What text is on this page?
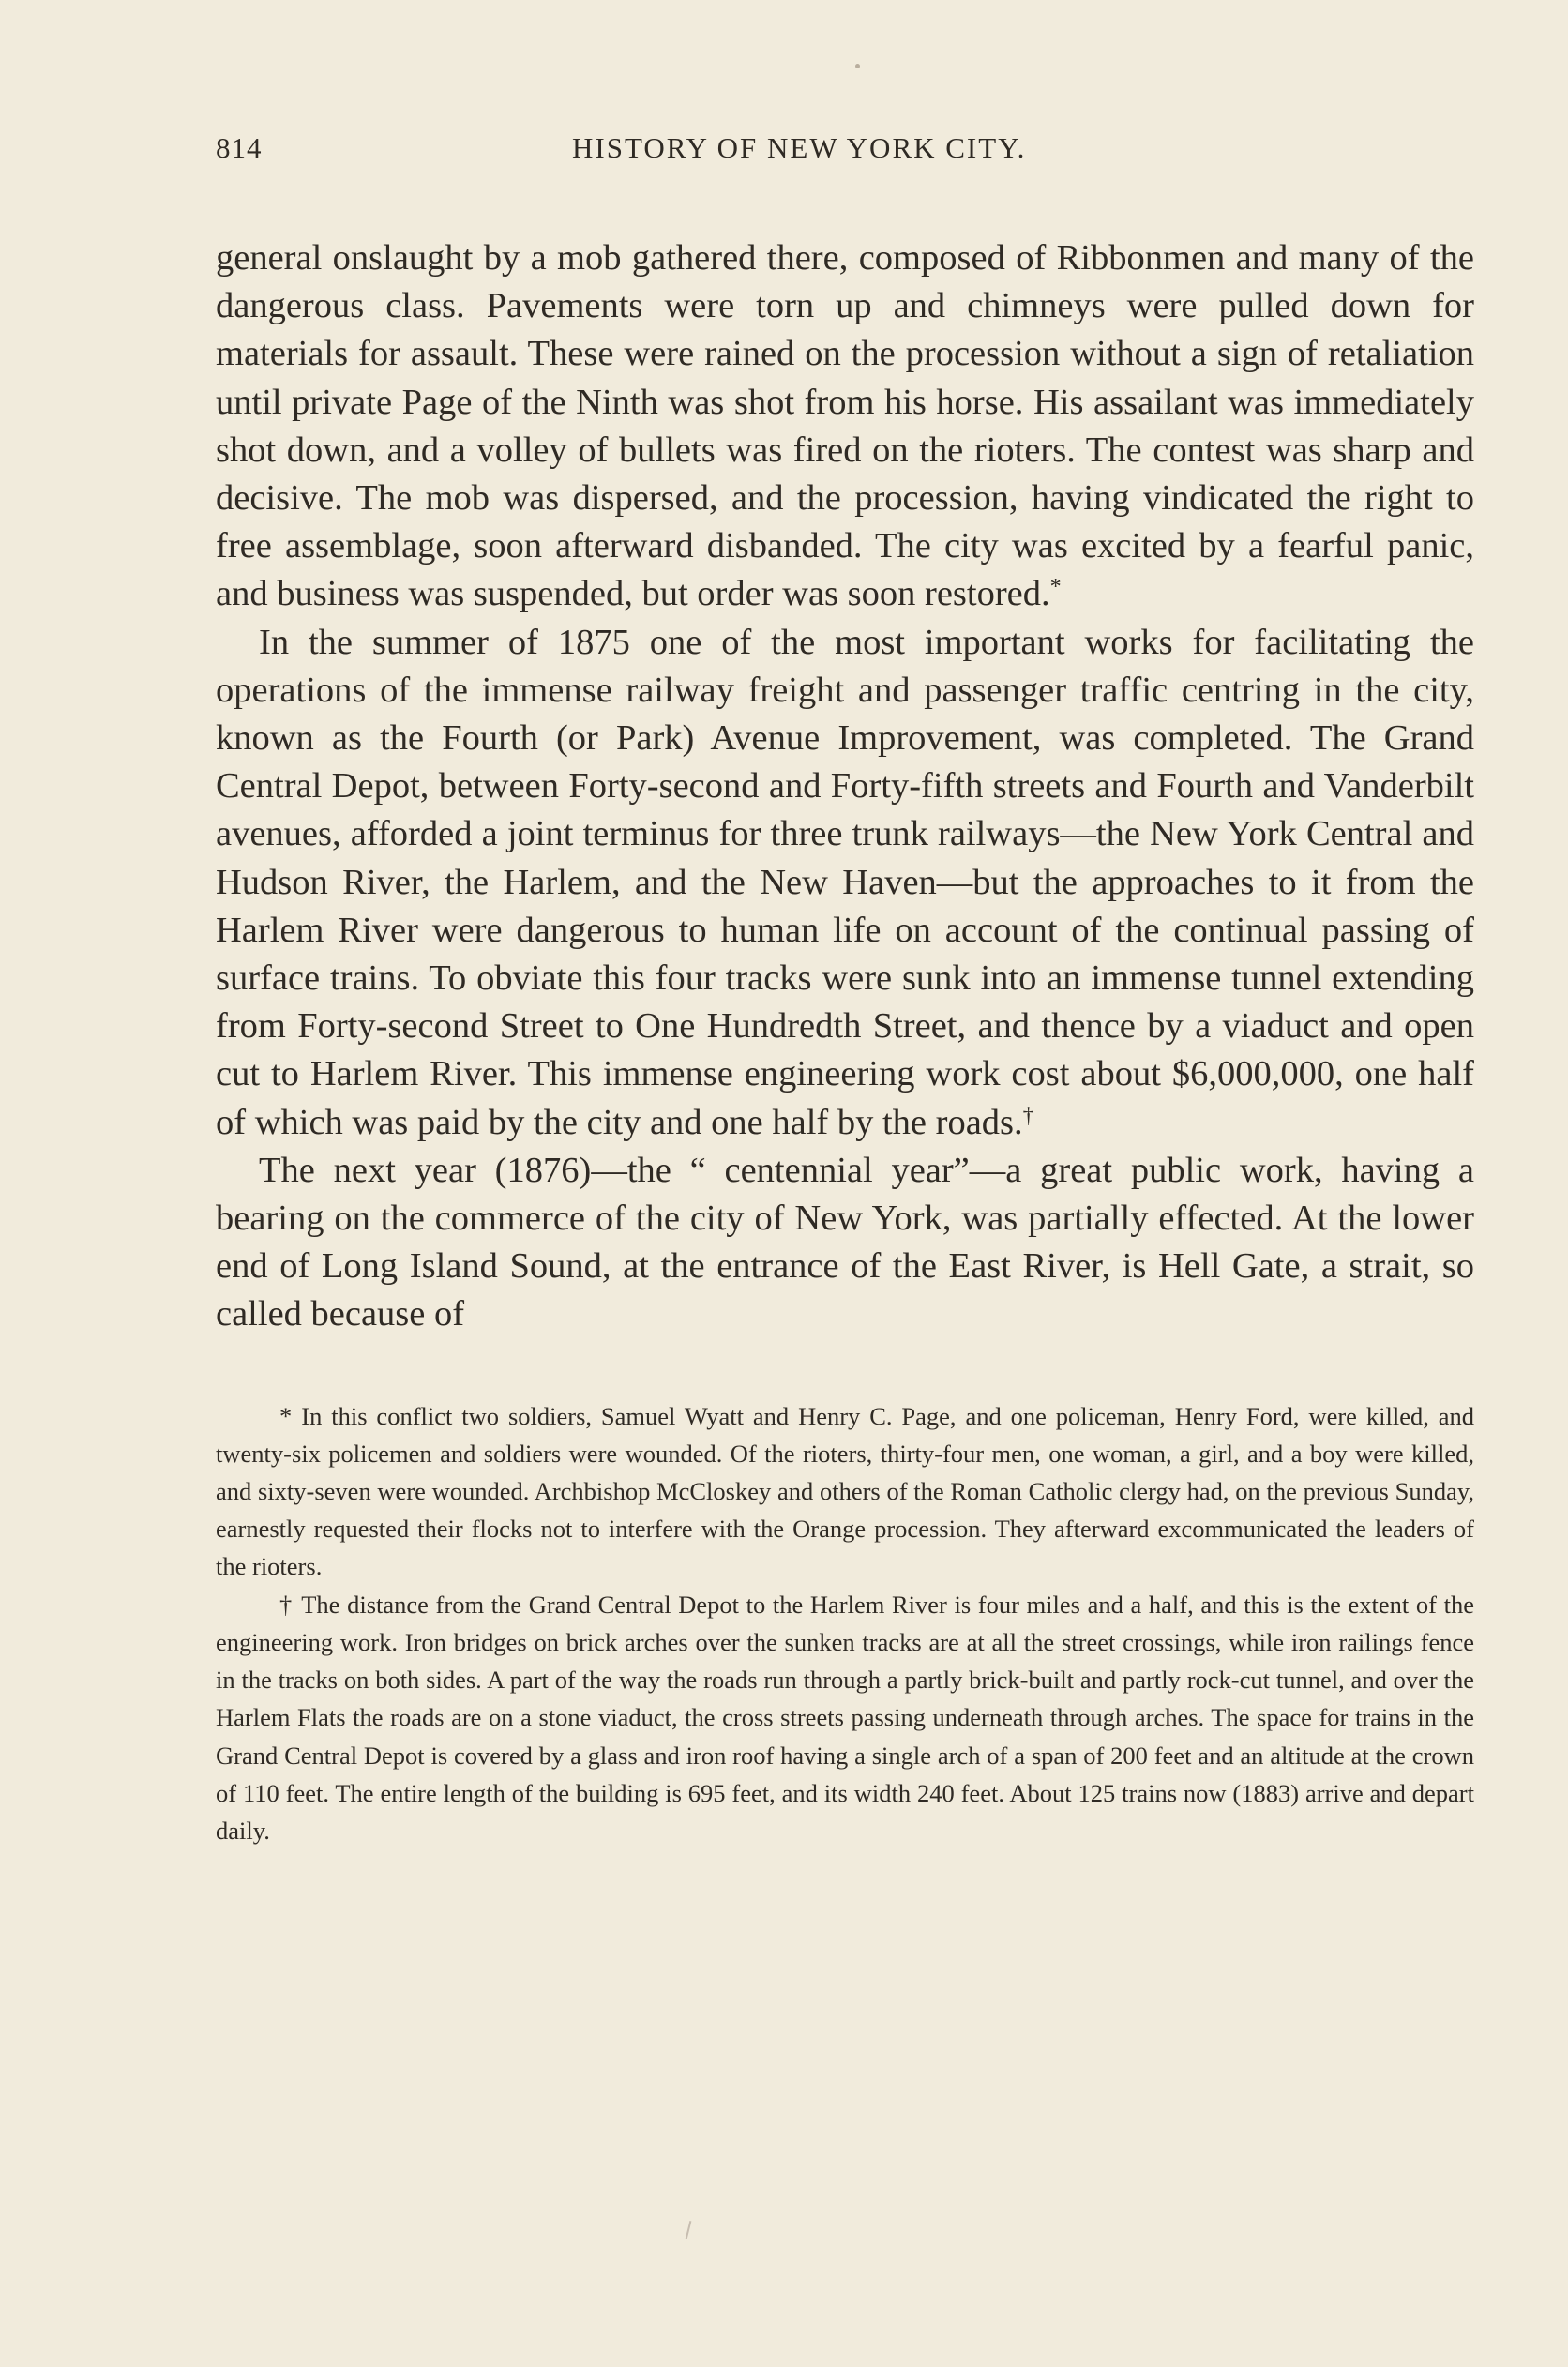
814	HISTORY OF NEW YORK CITY.

general onslaught by a mob gathered there, composed of Ribbonmen and many of the dangerous class. Pavements were torn up and chimneys were pulled down for materials for assault. These were rained on the procession without a sign of retaliation until private Page of the Ninth was shot from his horse. His assailant was immediately shot down, and a volley of bullets was fired on the rioters. The contest was sharp and decisive. The mob was dispersed, and the procession, having vindicated the right to free assemblage, soon afterward disbanded. The city was excited by a fearful panic, and business was suspended, but order was soon restored.*

In the summer of 1875 one of the most important works for facilitating the operations of the immense railway freight and passenger traffic centring in the city, known as the Fourth (or Park) Avenue Improvement, was completed. The Grand Central Depot, between Forty-second and Forty-fifth streets and Fourth and Vanderbilt avenues, afforded a joint terminus for three trunk railways—the New York Central and Hudson River, the Harlem, and the New Haven—but the approaches to it from the Harlem River were dangerous to human life on account of the continual passing of surface trains. To obviate this four tracks were sunk into an immense tunnel extending from Forty-second Street to One Hundredth Street, and thence by a viaduct and open cut to Harlem River. This immense engineering work cost about $6,000,000, one half of which was paid by the city and one half by the roads.†

The next year (1876)—the “ centennial year”—a great public work, having a bearing on the commerce of the city of New York, was partially effected. At the lower end of Long Island Sound, at the entrance of the East River, is Hell Gate, a strait, so called because of

* In this conflict two soldiers, Samuel Wyatt and Henry C. Page, and one policeman, Henry Ford, were killed, and twenty-six policemen and soldiers were wounded. Of the rioters, thirty-four men, one woman, a girl, and a boy were killed, and sixty-seven were wounded. Archbishop McCloskey and others of the Roman Catholic clergy had, on the previous Sunday, earnestly requested their flocks not to interfere with the Orange procession. They afterward excommunicated the leaders of the rioters.

† The distance from the Grand Central Depot to the Harlem River is four miles and a half, and this is the extent of the engineering work. Iron bridges on brick arches over the sunken tracks are at all the street crossings, while iron railings fence in the tracks on both sides. A part of the way the roads run through a partly brick-built and partly rock-cut tunnel, and over the Harlem Flats the roads are on a stone viaduct, the cross streets passing underneath through arches. The space for trains in the Grand Central Depot is covered by a glass and iron roof having a single arch of a span of 200 feet and an altitude at the crown of 110 feet. The entire length of the building is 695 feet, and its width 240 feet. About 125 trains now (1883) arrive and depart daily.
